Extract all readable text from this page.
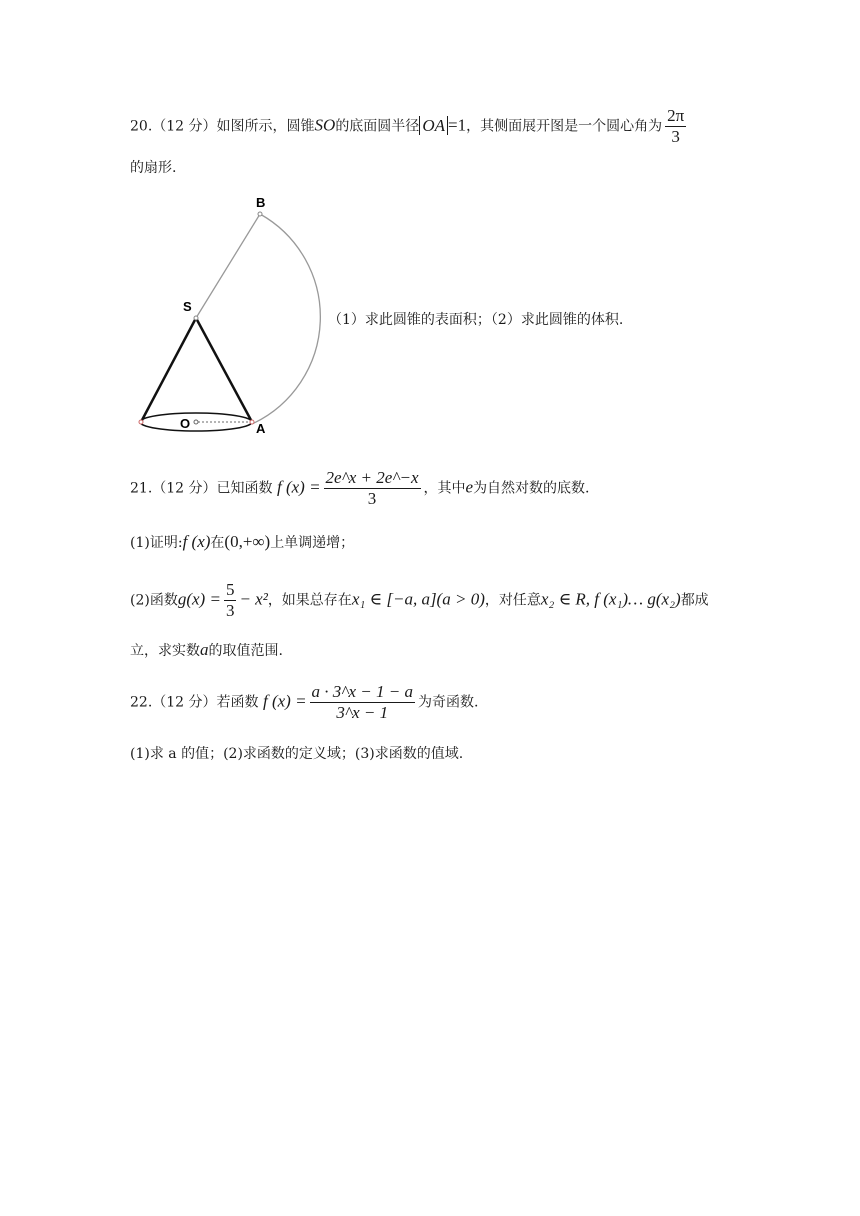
20.（12 分）如图所示，圆锥SO的底面圆半径 OA =1，其侧面展开图是一个圆心角为 $\frac{2\pi}{3}$
的扇形.
B
S
O	A
（1）求此圆锥的表面积；（2）求此圆锥的体积.
21.（12 分）已知函数 f $(x) = \frac{2e\^{}x + 2e\^{}-x}{3}$ ，其中e为自然对数的底数.
(1)证明:f (x)在(0,+∞)上单调递增；
(2)函数$g(x) = \frac{5}{3} - x^2$，如果总存在x₁ ∈ [−a, a](a > 0)，对任意x₂ ∈ R, f (x₁)… g(x₂)都成
立，求实数a的取值范围.
22.（12 分）若函数 f $(x) = \frac{a \cdot 3\^{}x - 1 - a}{3\^{}x - 1}$ 为奇函数.
(1)求 a 的值；(2)求函数的定义域；(3)求函数的值域.
